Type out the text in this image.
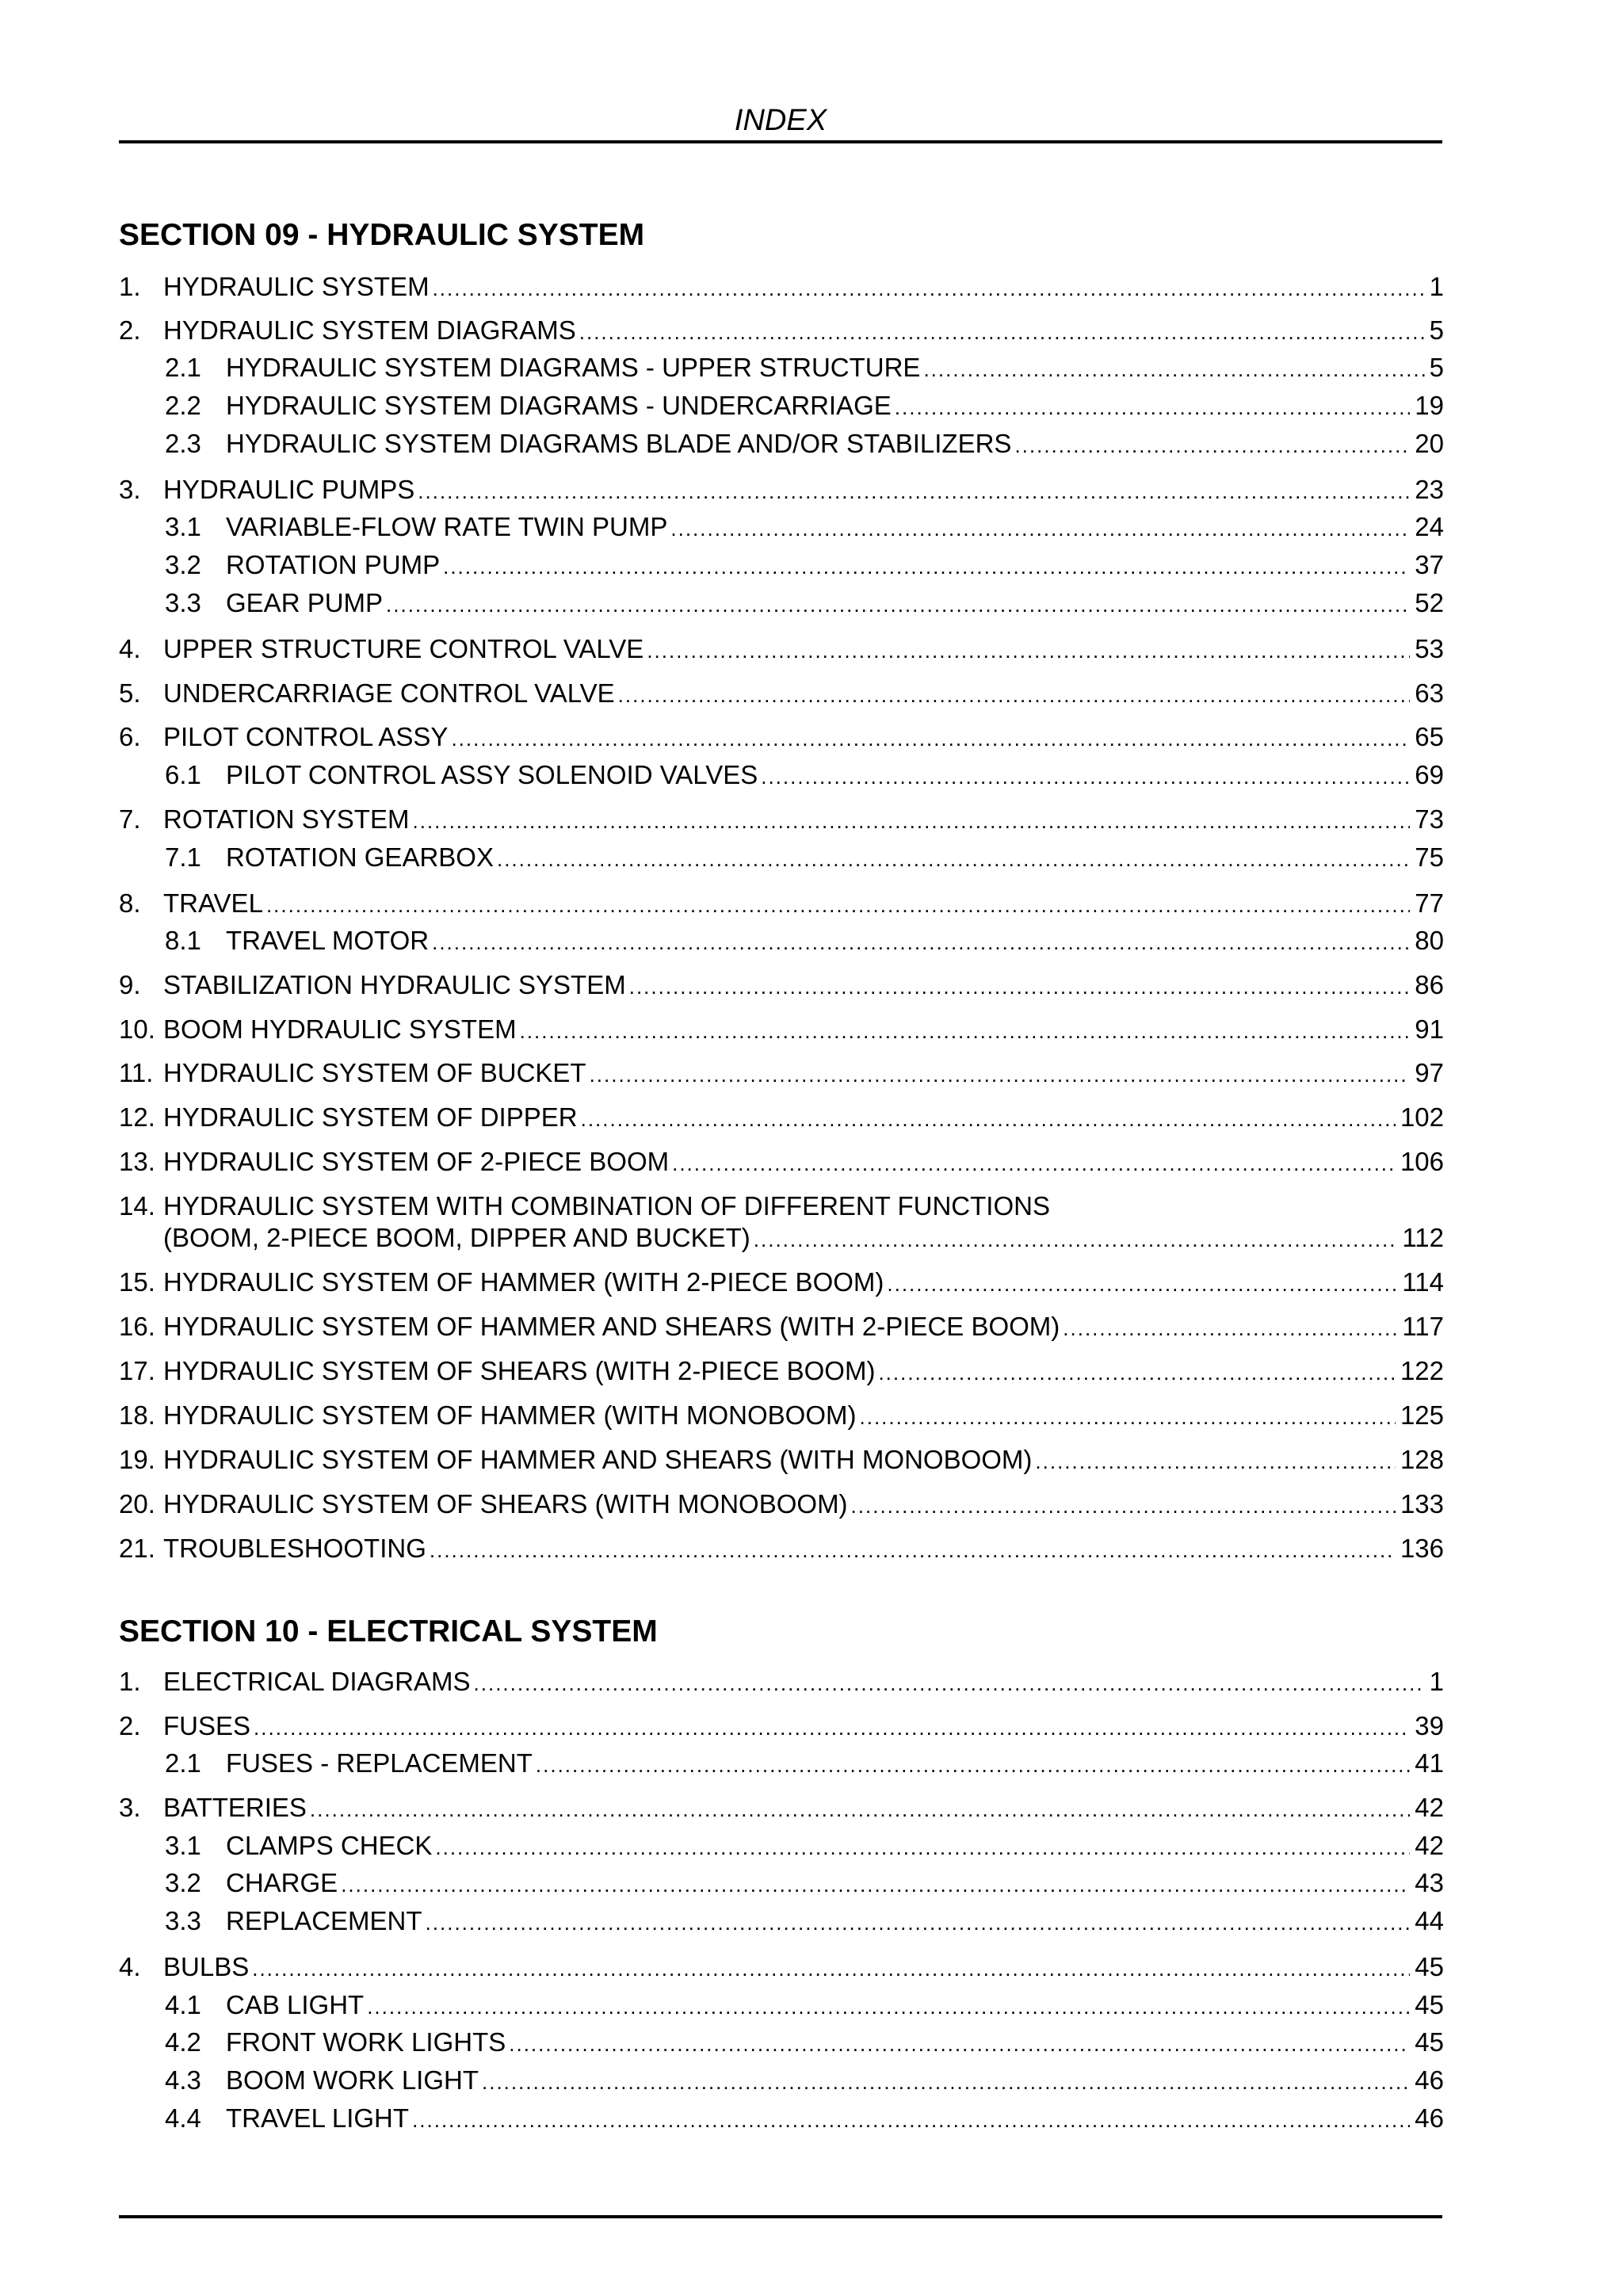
INDEX
SECTION 09 - HYDRAULIC SYSTEM
SECTION 10 - ELECTRICAL SYSTEM
1. HYDRAULIC SYSTEM .....	1
2. HYDRAULIC SYSTEM DIAGRAMS .....	5
2.1 HYDRAULIC SYSTEM DIAGRAMS - UPPER STRUCTURE .....	5
2.2 HYDRAULIC SYSTEM DIAGRAMS - UNDERCARRIAGE .....	19
2.3 HYDRAULIC SYSTEM DIAGRAMS BLADE AND/OR STABILIZERS .....	20
3. HYDRAULIC PUMPS .....	23
3.1 VARIABLE-FLOW RATE TWIN PUMP .....	24
3.2 ROTATION PUMP .....	37
3.3 GEAR PUMP .....	52
4. UPPER STRUCTURE CONTROL VALVE .....	53
5. UNDERCARRIAGE CONTROL VALVE .....	63
6. PILOT CONTROL ASSY .....	65
6.1 PILOT CONTROL ASSY SOLENOID VALVES .....	69
7. ROTATION SYSTEM .....	73
7.1 ROTATION GEARBOX .....	75
8. TRAVEL .....	77
8.1 TRAVEL MOTOR .....	80
9. STABILIZATION HYDRAULIC SYSTEM .....	86
10. BOOM HYDRAULIC SYSTEM .....	91
11. HYDRAULIC SYSTEM OF BUCKET .....	97
12. HYDRAULIC SYSTEM OF DIPPER .....	102
13. HYDRAULIC SYSTEM OF 2-PIECE BOOM .....	106
14. HYDRAULIC SYSTEM WITH COMBINATION OF DIFFERENT FUNCTIONS
(BOOM, 2-PIECE BOOM, DIPPER AND BUCKET) .....	112
15. HYDRAULIC SYSTEM OF HAMMER (WITH 2-PIECE BOOM) .....	114
16. HYDRAULIC SYSTEM OF HAMMER AND SHEARS (WITH 2-PIECE BOOM) .....	117
17. HYDRAULIC SYSTEM OF SHEARS (WITH 2-PIECE BOOM) .....	122
18. HYDRAULIC SYSTEM OF HAMMER (WITH MONOBOOM) .....	125
19. HYDRAULIC SYSTEM OF HAMMER AND SHEARS (WITH MONOBOOM) .....	128
20. HYDRAULIC SYSTEM OF SHEARS (WITH MONOBOOM) .....	133
21. TROUBLESHOOTING .....	136
1. ELECTRICAL DIAGRAMS .....	1
2. FUSES .....	39
2.1 FUSES - REPLACEMENT .....	41
3. BATTERIES .....	42
3.1 CLAMPS CHECK .....	42
3.2 CHARGE .....	43
3.3 REPLACEMENT .....	44
4. BULBS .....	45
4.1 CAB LIGHT .....	45
4.2 FRONT WORK LIGHTS .....	45
4.3 BOOM WORK LIGHT .....	46
4.4 TRAVEL LIGHT .....	46
